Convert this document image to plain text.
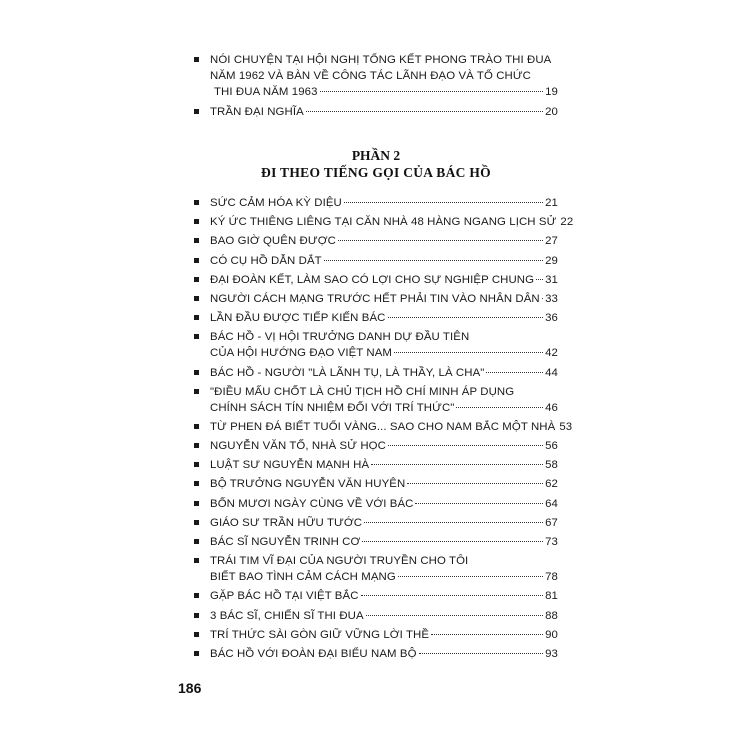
NÓI CHUYỆN TẠI HỘI NGHỊ TỔNG KẾT PHONG TRÀO THI ĐUA
NĂM 1962 VÀ BÀN VỀ CÔNG TÁC LÃNH ĐẠO VÀ TỔ CHỨC
THI ĐUA NĂM 1963	19
TRẦN ĐẠI NGHĨA	20
PHẦN 2
ĐI THEO TIẾNG GỌI CỦA BÁC HỒ
SỨC CẢM HÓA KỲ DIỆU	21
KÝ ỨC THIÊNG LIÊNG TẠI CĂN NHÀ 48 HÀNG NGANG LỊCH SỬ 22
BAO GIỜ QUÊN ĐƯỢC	27
CÓ CỤ HỒ DẪN DẮT	29
ĐẠI ĐOÀN KẾT, LÀM SAO CÓ LỢI CHO SỰ NGHIỆP CHUNG 31
NGƯỜI CÁCH MẠNG TRƯỚC HẾT PHẢI TIN VÀO NHÂN DÂN 33
LẦN ĐẦU ĐƯỢC TIẾP KIẾN BÁC	36
BÁC HỒ - VỊ HỘI TRƯỞNG DANH DỰ ĐẦU TIÊN
CỦA HỘI HƯỚNG ĐẠO VIỆT NAM	42
BÁC HỒ - NGƯỜI "LÀ LÃNH TỤ, LÀ THẦY, LÀ CHA"	44
"ĐIỀU MẤU CHỐT LÀ CHỦ TỊCH HỒ CHÍ MINH ÁP DỤNG
CHÍNH SÁCH TÍN NHIỆM ĐỐI VỚI TRÍ THỨC"	46
TỪ PHEN ĐÁ BIẾT TUỔI VÀNG... SAO CHO NAM BẮC MỘT NHÀ 53
NGUYỄN VĂN TỐ, NHÀ SỬ HỌC	56
LUẬT SƯ NGUYỄN MẠNH HÀ	58
BỘ TRƯỞNG NGUYỄN VĂN HUYÊN	62
BỐN MƯƠI NGÀY CÙNG VỀ VỚI BÁC	64
GIÁO SƯ TRẦN HỮU TƯỚC	67
BÁC SĨ NGUYỄN TRINH CƠ	73
TRÁI TIM VĨ ĐẠI CỦA NGƯỜI TRUYỀN CHO TÔI
BIẾT BAO TÌNH CẢM CÁCH MẠNG	78
GẶP BÁC HỒ TẠI VIỆT BẮC	81
3 BÁC SĨ, CHIẾN SĨ THI ĐUA	88
TRÍ THỨC SÀI GÒN GIỮ VỮNG LỜI THỀ	90
BÁC HỒ VỚI ĐOÀN ĐẠI BIỂU NAM BỘ	93
186
